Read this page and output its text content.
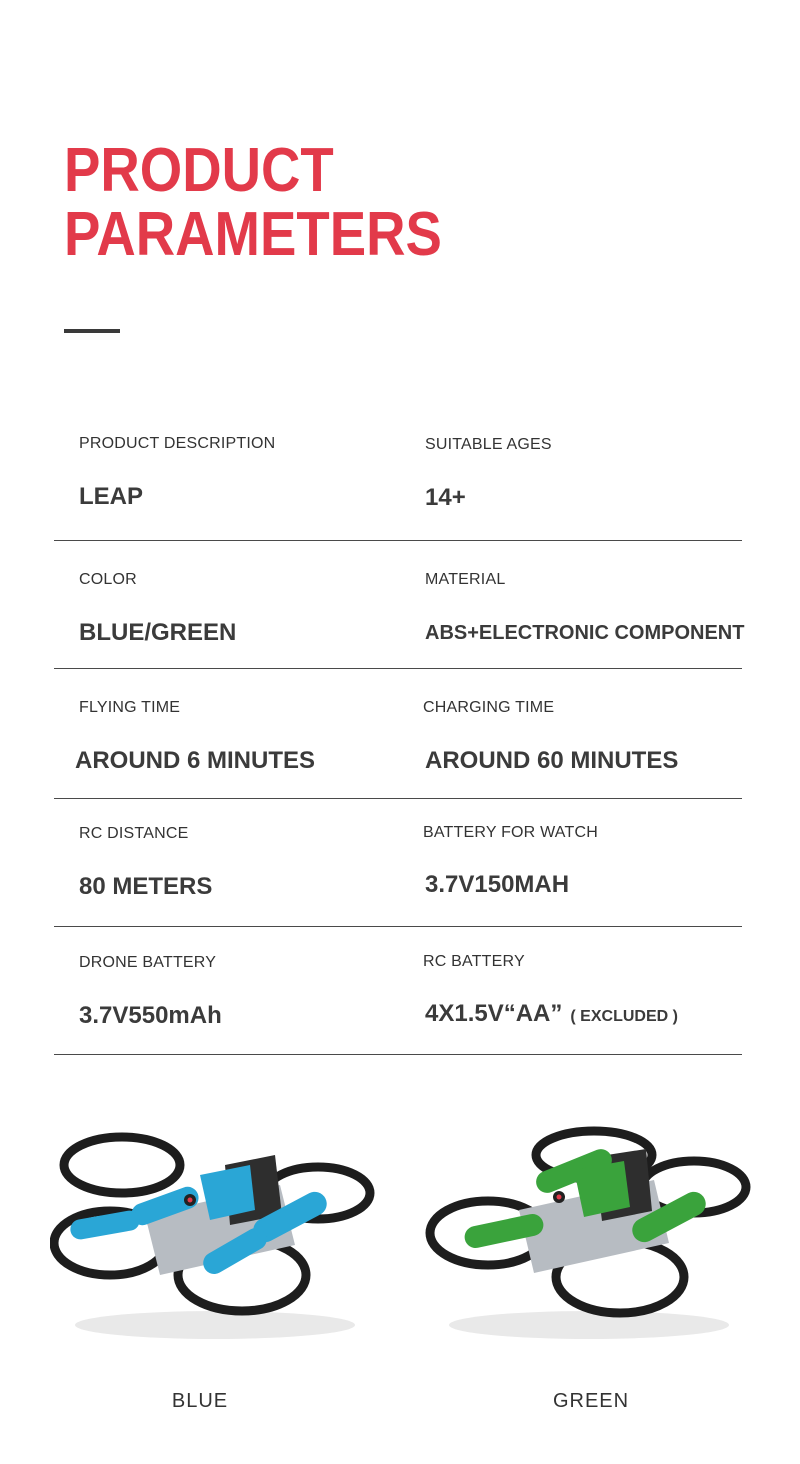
PRODUCT
PARAMETERS
PRODUCT DESCRIPTION
LEAP
SUITABLE AGES
14+
COLOR
BLUE/GREEN
MATERIAL
ABS+ELECTRONIC COMPONENT
FLYING TIME
AROUND 6 MINUTES
CHARGING TIME
AROUND 60 MINUTES
RC DISTANCE
80 METERS
BATTERY FOR WATCH
3.7V150MAH
DRONE BATTERY
3.7V550mAh
RC BATTERY
4X1.5V“AA” ( EXCLUDED )
BLUE	GREEN
